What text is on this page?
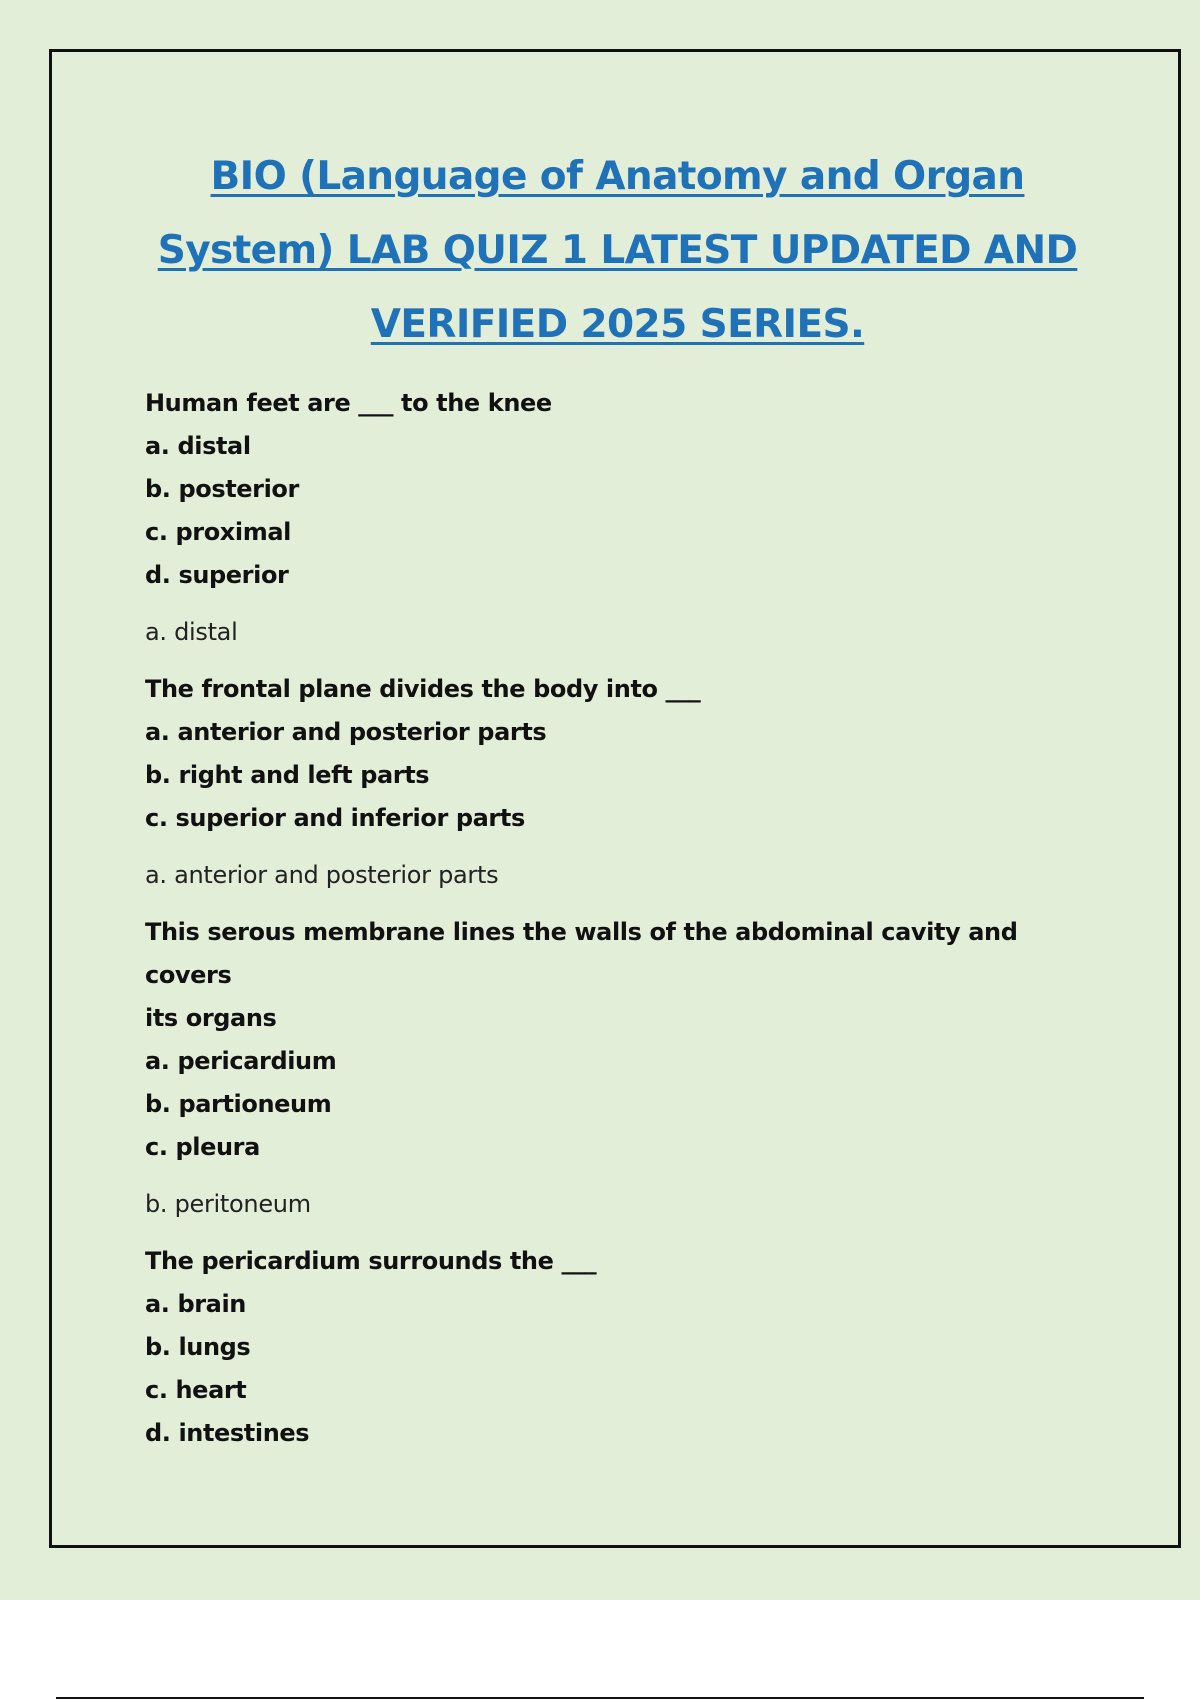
BIO (Language of Anatomy and Organ
System) LAB QUIZ 1 LATEST UPDATED AND
VERIFIED 2025 SERIES.
Human feet are ___ to the knee
a. distal
b. posterior
c. proximal
d. superior
a. distal
The frontal plane divides the body into ___
a. anterior and posterior parts
b. right and left parts
c. superior and inferior parts
a. anterior and posterior parts
This serous membrane lines the walls of the abdominal cavity and covers
its organs
a. pericardium
b. partioneum
c. pleura
b. peritoneum
The pericardium surrounds the ___
a. brain
b. lungs
c. heart
d. intestines
